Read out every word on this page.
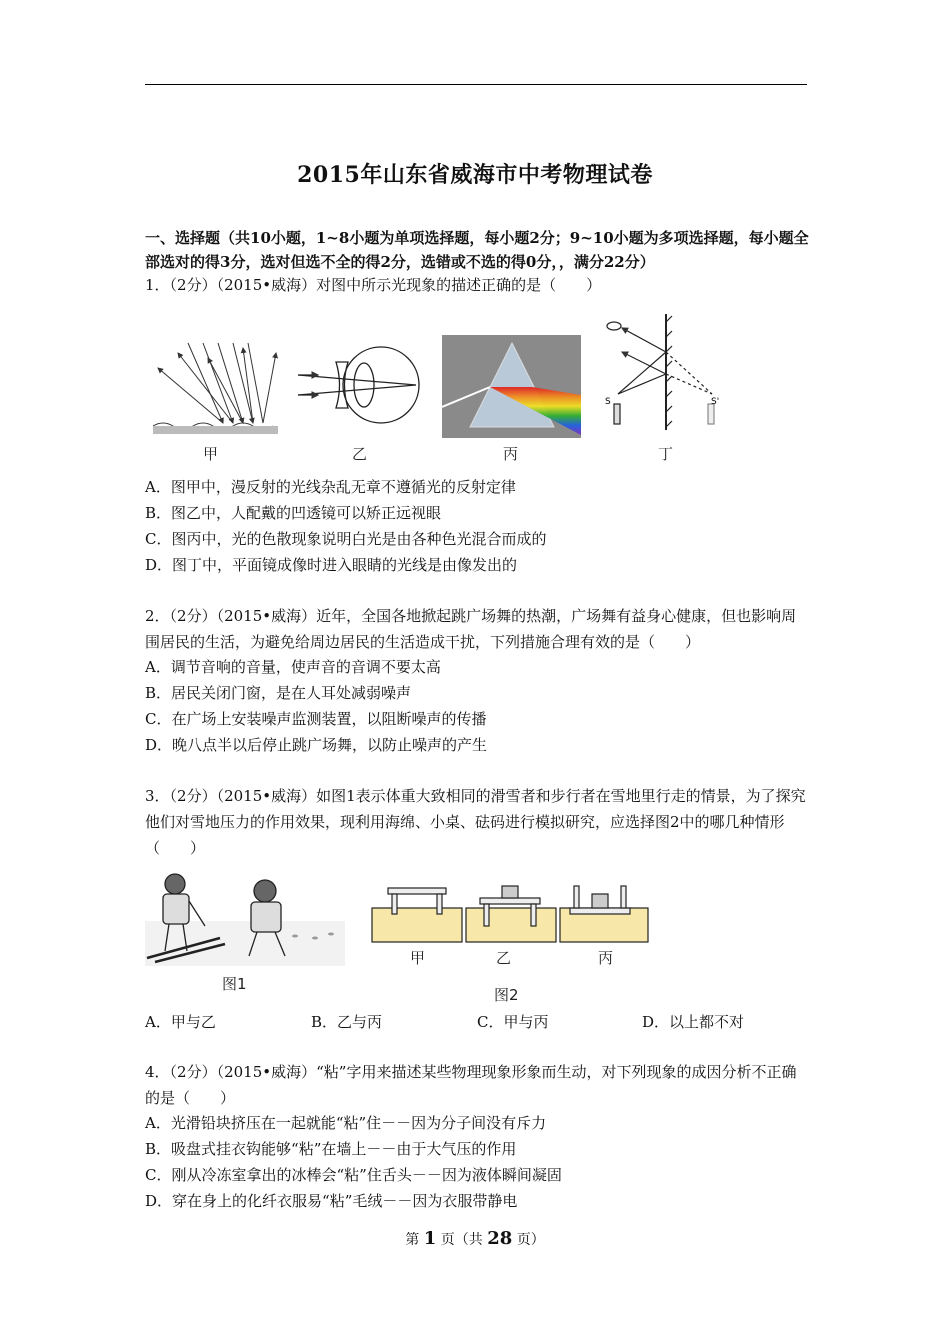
2015年山东省威海市中考物理试卷
一、选择题（共10小题，1~8小题为单项选择题，每小题2分；9~10小题为多项选择题，每小题全部选对的得3分，选对但选不全的得2分，选错或不选的得0分，，满分22分）
1．（2分）（2015•威海）对图中所示光现象的描述正确的是（　　）
甲	乙	丙
S	S'
丁
A．图甲中，漫反射的光线杂乱无章不遵循光的反射定律
B．图乙中，人配戴的凹透镜可以矫正远视眼
C．图丙中，光的色散现象说明白光是由各种色光混合而成的
D．图丁中，平面镜成像时进入眼睛的光线是由像发出的
2．（2分）（2015•威海）近年，全国各地掀起跳广场舞的热潮，广场舞有益身心健康，但也影响周围居民的生活，为避免给周边居民的生活造成干扰，下列措施合理有效的是（　　）
A．调节音响的音量，使声音的音调不要太高
B．居民关闭门窗，是在人耳处减弱噪声
C．在广场上安装噪声监测装置，以阻断噪声的传播
D．晚八点半以后停止跳广场舞，以防止噪声的产生
3．（2分）（2015•威海）如图1表示体重大致相同的滑雪者和步行者在雪地里行走的情景，为了探究他们对雪地压力的作用效果，现利用海绵、小桌、砝码进行模拟研究，应选择图2中的哪几种情形（　　）
图1
甲	乙	丙
图2
A．甲与乙	B．乙与丙	C．甲与丙	D．以上都不对
4．（2分）（2015•威海）“粘”字用来描述某些物理现象形象而生动，对下列现象的成因分析不正确的是（　　）
A．光滑铅块挤压在一起就能“粘”住－－因为分子间没有斥力
B．吸盘式挂衣钩能够“粘”在墙上－－由于大气压的作用
C．刚从冷冻室拿出的冰棒会“粘”住舌头－－因为液体瞬间凝固
D．穿在身上的化纤衣服易“粘”毛绒－－因为衣服带静电
第 1 页（共 28 页）
